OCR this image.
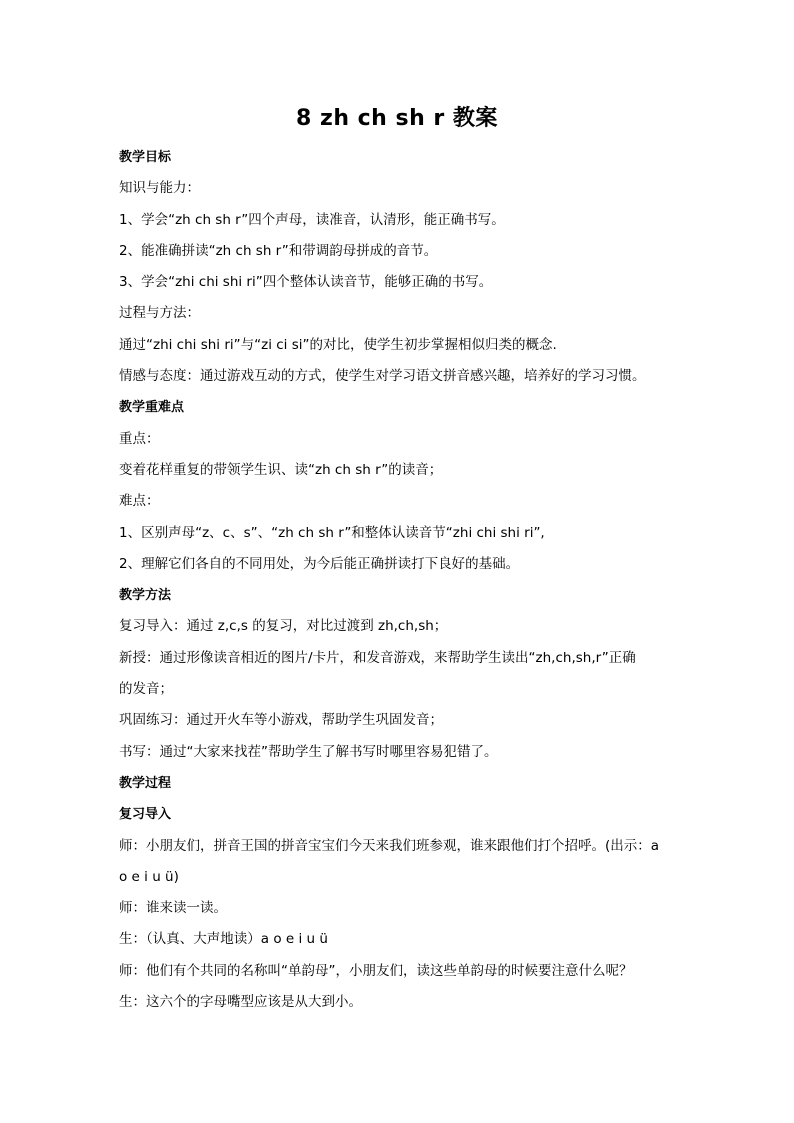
8 zh ch sh r 教案
教学目标
知识与能力：
1、学会“zh ch sh r”四个声母，读准音，认清形，能正确书写。
2、能准确拼读“zh ch sh r”和带调韵母拼成的音节。
3、学会“zhi chi shi ri”四个整体认读音节，能够正确的书写。
过程与方法：
通过“zhi chi shi ri”与“zi ci si”的对比，使学生初步掌握相似归类的概念.
情感与态度：通过游戏互动的方式，使学生对学习语文拼音感兴趣，培养好的学习习惯。
教学重难点
重点：
变着花样重复的带领学生识、读“zh ch sh r”的读音；
难点：
1、区别声母“z、c、s”、“zh ch sh r”和整体认读音节“zhi chi shi ri”,
2、理解它们各自的不同用处，为今后能正确拼读打下良好的基础。
教学方法
复习导入：通过 z,c,s 的复习，对比过渡到 zh,ch,sh；
新授：通过形像读音相近的图片/卡片，和发音游戏，来帮助学生读出“zh,ch,sh,r”正确
的发音；
巩固练习：通过开火车等小游戏，帮助学生巩固发音；
书写：通过“大家来找茬”帮助学生了解书写时哪里容易犯错了。
教学过程
复习导入
师：小朋友们，拼音王国的拼音宝宝们今天来我们班参观，谁来跟他们打个招呼。(出示：a
o e i u ü)
师：谁来读一读。
生：（认真、大声地读）a o e i u ü
师：他们有个共同的名称叫“单韵母”，小朋友们，读这些单韵母的时候要注意什么呢？
生：这六个的字母嘴型应该是从大到小。
